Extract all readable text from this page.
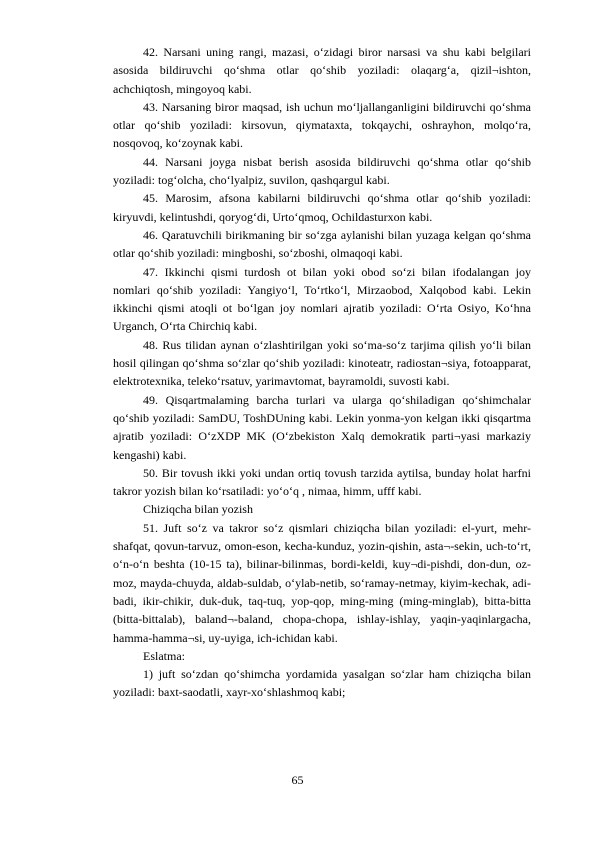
42. Narsani uning rangi, mazasi, o‘zidagi biror narsasi va shu kabi belgilari asosida bildiruvchi qo‘shma otlar qo‘shib yoziladi: olaqarg‘a, qizil¬ishton, achchiqtosh, mingoyoq kabi.

43. Narsaning biror maqsad, ish uchun mo‘ljallanganligini bildiruvchi qo‘shma otlar qo‘shib yoziladi: kirsovun, qiymataxta, tokqaychi, oshrayhon, molqo‘ra, nosqovoq, ko‘zoynak kabi.

44. Narsani joyga nisbat berish asosida bildiruvchi qo‘shma otlar qo‘shib yoziladi: tog‘olcha, cho‘lyalpiz, suvilon, qashqargul kabi.

45. Marosim, afsona kabilarni bildiruvchi qo‘shma otlar qo‘shib yoziladi: kiryuvdi, kelintushdi, qoryog‘di, Urto‘qmoq, Ochildasturxon kabi.

46. Qaratuvchili birikmaning bir so‘zga aylanishi bilan yuzaga kelgan qo‘shma otlar qo‘shib yoziladi: mingboshi, so‘zboshi, olmaqoqi kabi.

47. Ikkinchi qismi turdosh ot bilan yoki obod so‘zi bilan ifodalangan joy nomlari qo‘shib yoziladi: Yangiyo‘l, To‘rtko‘l, Mirzaobod, Xalqobod kabi. Lekin ikkinchi qismi atoqli ot bo‘lgan joy nomlari ajratib yoziladi: O‘rta Osiyo, Ko‘hna Urganch, O‘rta Chirchiq kabi.

48. Rus tilidan aynan o‘zlashtirilgan yoki so‘ma-so‘z tarjima qilish yo‘li bilan hosil qilingan qo‘shma so‘zlar qo‘shib yoziladi: kinoteatr, radiostan¬siya, fotoapparat, elektrotexnika, teleko‘rsatuv, yarimavtomat, bayramoldi, suvosti kabi.

49. Qisqartmalaming barcha turlari va ularga qo‘shiladigan qo‘shimchalar qo‘shib yoziladi: SamDU, ToshDUning kabi. Lekin yonma-yon kelgan ikki qisqartma ajratib yoziladi: O‘zXDP MK (O‘zbekiston Xalq demokratik parti¬yasi markaziy kengashi) kabi.

50. Bir tovush ikki yoki undan ortiq tovush tarzida aytilsa, bunday holat harfni takror yozish bilan ko‘rsatiladi: yo‘o‘q , nimaa, himm, ufff kabi.

Chiziqcha bilan yozish

51. Juft so‘z va takror so‘z qismlari chiziqcha bilan yoziladi: el-yurt, mehr-shafqat, qovun-tarvuz, omon-eson, kecha-kunduz, yozin-qishin, asta¬-sekin, uch-to‘rt, o‘n-o‘n beshta (10-15 ta), bilinar-bilinmas, bordi-keldi, kuy¬di-pishdi, don-dun, oz-moz, mayda-chuyda, aldab-suldab, o‘ylab-netib, so‘ramay-netmay, kiyim-kechak, adi-badi, ikir-chikir, duk-duk, taq-tuq, yop-qop, ming-ming (ming-minglab), bitta-bitta (bitta-bittalab), baland¬-baland, chopa-chopa, ishlay-ishlay, yaqin-yaqinlargacha, hamma-hamma¬si, uy-uyiga, ich-ichidan kabi.

Eslatma:

1) juft so‘zdan qo‘shimcha yordamida yasalgan so‘zlar ham chiziqcha bilan yoziladi: baxt-saodatli, xayr-xo‘shlashmoq kabi;

65
